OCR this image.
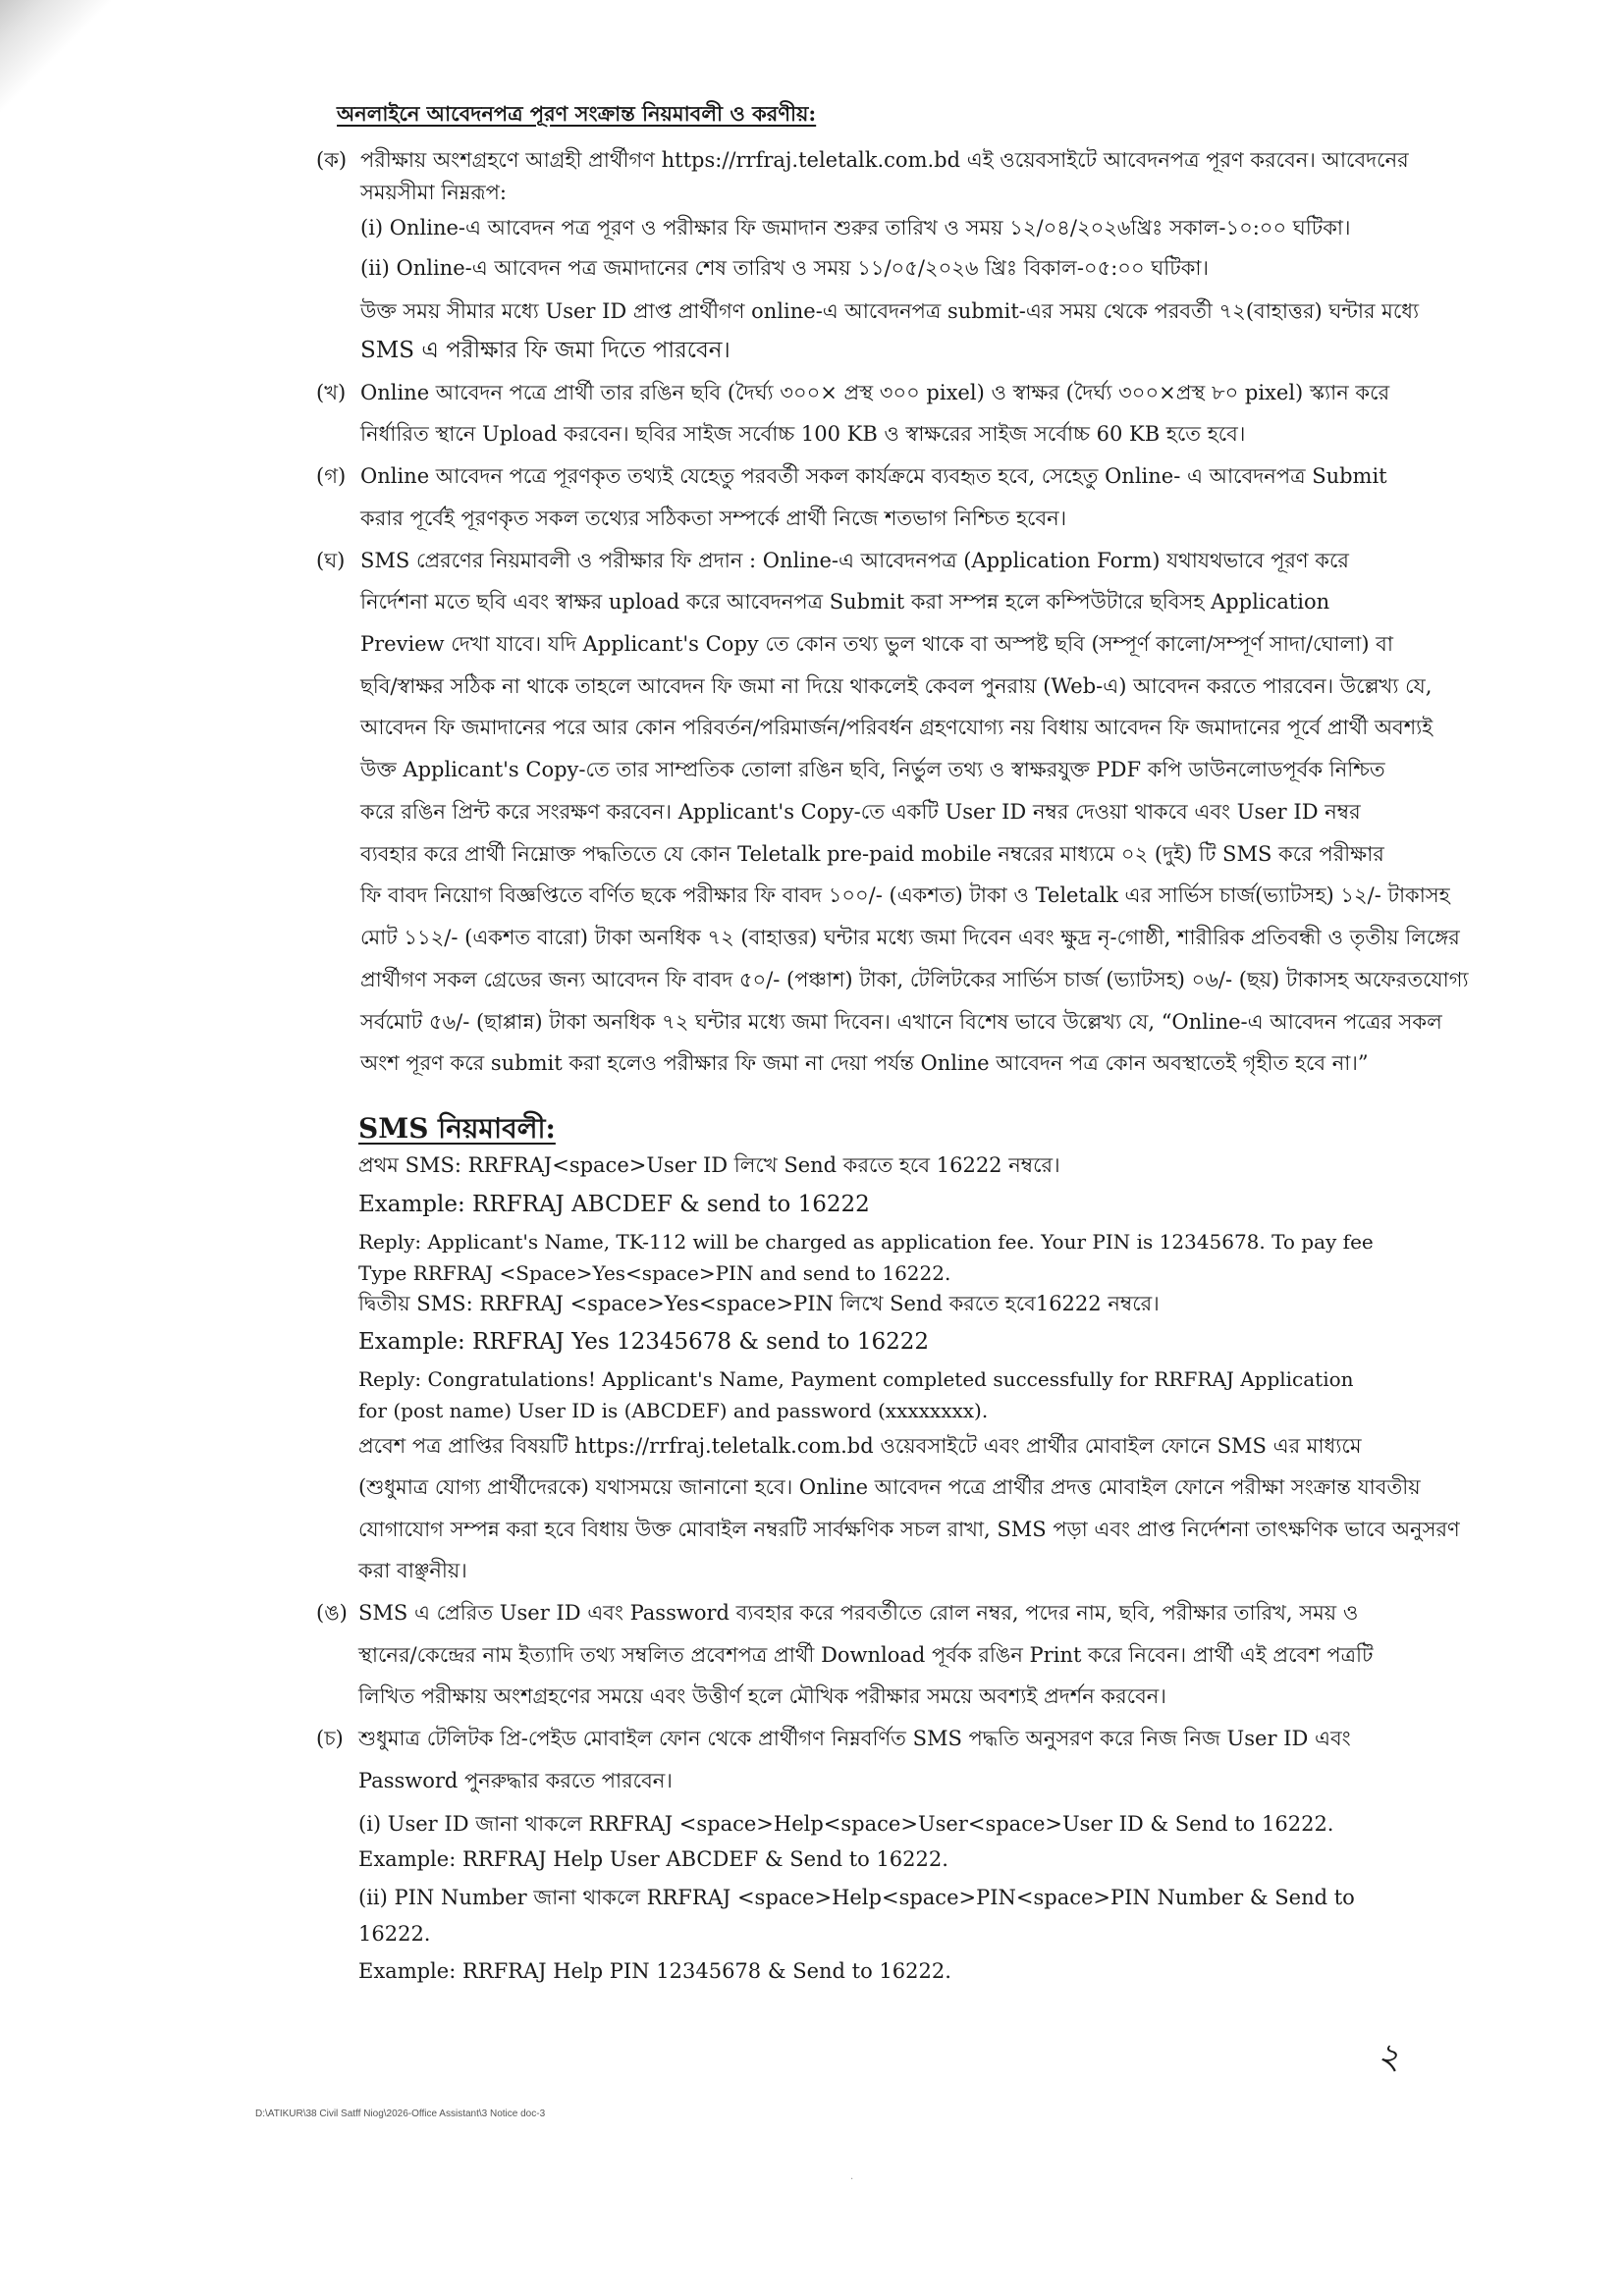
অনলাইনে আবেদনপত্র পূরণ সংক্রান্ত নিয়মাবলী ও করণীয়:
(ক) পরীক্ষায় অংশগ্রহণে আগ্রহী প্রার্থীগণ https://rrfraj.teletalk.com.bd এই ওয়েবসাইটে আবেদনপত্র পূরণ করবেন। আবেদনের
সময়সীমা নিম্নরূপ:
(i) Online-এ আবেদন পত্র পূরণ ও পরীক্ষার ফি জমাদান শুরুর তারিখ ও সময় ১২/০৪/২০২৬খ্রিঃ সকাল-১০:০০ ঘটিকা।
(ii) Online-এ আবেদন পত্র জমাদানের শেষ তারিখ ও সময় ১১/০৫/২০২৬ খ্রিঃ বিকাল-০৫:০০ ঘটিকা।
উক্ত সময় সীমার মধ্যে User ID প্রাপ্ত প্রার্থীগণ online-এ আবেদনপত্র submit-এর সময় থেকে পরবর্তী ৭২(বাহাত্তর) ঘন্টার মধ্যে
SMS এ পরীক্ষার ফি জমা দিতে পারবেন।
(খ) Online আবেদন পত্রে প্রার্থী তার রঙিন ছবি (দৈর্ঘ্য ৩০০× প্রস্থ ৩০০ pixel) ও স্বাক্ষর (দৈর্ঘ্য ৩০০×প্রস্থ ৮০ pixel) স্ক্যান করে
নির্ধারিত স্থানে Upload করবেন। ছবির সাইজ সর্বোচ্চ 100 KB ও স্বাক্ষরের সাইজ সর্বোচ্চ 60 KB হতে হবে।
(গ) Online আবেদন পত্রে পূরণকৃত তথ্যই যেহেতু পরবর্তী সকল কার্যক্রমে ব্যবহৃত হবে, সেহেতু Online- এ আবেদনপত্র Submit
করার পূর্বেই পূরণকৃত সকল তথ্যের সঠিকতা সম্পর্কে প্রার্থী নিজে শতভাগ নিশ্চিত হবেন।
(ঘ) SMS প্রেরণের নিয়মাবলী ও পরীক্ষার ফি প্রদান : Online-এ আবেদনপত্র (Application Form) যথাযথভাবে পূরণ করে
নির্দেশনা মতে ছবি এবং স্বাক্ষর upload করে আবেদনপত্র Submit করা সম্পন্ন হলে কম্পিউটারে ছবিসহ Application
Preview দেখা যাবে। যদি Applicant's Copy তে কোন তথ্য ভুল থাকে বা অস্পষ্ট ছবি (সম্পূর্ণ কালো/সম্পূর্ণ সাদা/ঘোলা) বা
ছবি/স্বাক্ষর সঠিক না থাকে তাহলে আবেদন ফি জমা না দিয়ে থাকলেই কেবল পুনরায় (Web-এ) আবেদন করতে পারবেন। উল্লেখ্য যে,
আবেদন ফি জমাদানের পরে আর কোন পরিবর্তন/পরিমার্জন/পরিবর্ধন গ্রহণযোগ্য নয় বিধায় আবেদন ফি জমাদানের পূর্বে প্রার্থী অবশ্যই
উক্ত Applicant's Copy-তে তার সাম্প্রতিক তোলা রঙিন ছবি, নির্ভুল তথ্য ও স্বাক্ষরযুক্ত PDF কপি ডাউনলোডপূর্বক নিশ্চিত
করে রঙিন প্রিন্ট করে সংরক্ষণ করবেন। Applicant's Copy-তে একটি User ID নম্বর দেওয়া থাকবে এবং User ID নম্বর
ব্যবহার করে প্রার্থী নিম্নোক্ত পদ্ধতিতে যে কোন Teletalk pre-paid mobile নম্বরের মাধ্যমে ০২ (দুই) টি SMS করে পরীক্ষার
ফি বাবদ নিয়োগ বিজ্ঞপ্তিতে বর্ণিত ছকে পরীক্ষার ফি বাবদ ১০০/- (একশত) টাকা ও Teletalk এর সার্ভিস চার্জ(ভ্যাটসহ) ১২/- টাকাসহ
মোট ১১২/- (একশত বারো) টাকা অনধিক ৭২ (বাহাত্তর) ঘন্টার মধ্যে জমা দিবেন এবং ক্ষুদ্র নৃ-গোষ্ঠী, শারীরিক প্রতিবন্ধী ও তৃতীয় লিঙ্গের
প্রার্থীগণ সকল গ্রেডের জন্য আবেদন ফি বাবদ ৫০/- (পঞ্চাশ) টাকা, টেলিটকের সার্ভিস চার্জ (ভ্যাটসহ) ০৬/- (ছয়) টাকাসহ অফেরতযোগ্য
সর্বমোট ৫৬/- (ছাপ্পান্ন) টাকা অনধিক ৭২ ঘন্টার মধ্যে জমা দিবেন। এখানে বিশেষ ভাবে উল্লেখ্য যে, “Online-এ আবেদন পত্রের সকল
অংশ পূরণ করে submit করা হলেও পরীক্ষার ফি জমা না দেয়া পর্যন্ত Online আবেদন পত্র কোন অবস্থাতেই গৃহীত হবে না।”
SMS নিয়মাবলী:
প্রথম SMS: RRFRAJ<space>User ID লিখে Send করতে হবে 16222 নম্বরে।
Example: RRFRAJ ABCDEF & send to 16222
Reply: Applicant's Name, TK-112 will be charged as application fee. Your PIN is 12345678. To pay fee
Type RRFRAJ <Space>Yes<space>PIN and send to 16222.
দ্বিতীয় SMS: RRFRAJ <space>Yes<space>PIN লিখে Send করতে হবে16222 নম্বরে।
Example: RRFRAJ Yes 12345678 & send to 16222
Reply: Congratulations! Applicant's Name, Payment completed successfully for RRFRAJ Application
for (post name) User ID is (ABCDEF) and password (xxxxxxxx).
প্রবেশ পত্র প্রাপ্তির বিষয়টি https://rrfraj.teletalk.com.bd ওয়েবসাইটে এবং প্রার্থীর মোবাইল ফোনে SMS এর মাধ্যমে
(শুধুমাত্র যোগ্য প্রার্থীদেরকে) যথাসময়ে জানানো হবে। Online আবেদন পত্রে প্রার্থীর প্রদত্ত মোবাইল ফোনে পরীক্ষা সংক্রান্ত যাবতীয়
যোগাযোগ সম্পন্ন করা হবে বিধায় উক্ত মোবাইল নম্বরটি সার্বক্ষণিক সচল রাখা, SMS পড়া এবং প্রাপ্ত নির্দেশনা তাৎক্ষণিক ভাবে অনুসরণ
করা বাঞ্ছনীয়।
(ঙ) SMS এ প্রেরিত User ID এবং Password ব্যবহার করে পরবর্তীতে রোল নম্বর, পদের নাম, ছবি, পরীক্ষার তারিখ, সময় ও
স্থানের/কেন্দ্রের নাম ইত্যাদি তথ্য সম্বলিত প্রবেশপত্র প্রার্থী Download পূর্বক রঙিন Print করে নিবেন। প্রার্থী এই প্রবেশ পত্রটি
লিখিত পরীক্ষায় অংশগ্রহণের সময়ে এবং উত্তীর্ণ হলে মৌখিক পরীক্ষার সময়ে অবশ্যই প্রদর্শন করবেন।
(চ) শুধুমাত্র টেলিটক প্রি-পেইড মোবাইল ফোন থেকে প্রার্থীগণ নিম্নবর্ণিত SMS পদ্ধতি অনুসরণ করে নিজ নিজ User ID এবং
Password পুনরুদ্ধার করতে পারবেন।
(i) User ID জানা থাকলে RRFRAJ <space>Help<space>User<space>User ID & Send to 16222.
Example: RRFRAJ Help User ABCDEF & Send to 16222.
(ii) PIN Number জানা থাকলে RRFRAJ <space>Help<space>PIN<space>PIN Number & Send to
16222.
Example: RRFRAJ Help PIN 12345678 & Send to 16222.
২
D:\ATIKUR\38 Civil Satff Niog\2026-Office Assistant\3 Notice doc-3
·
